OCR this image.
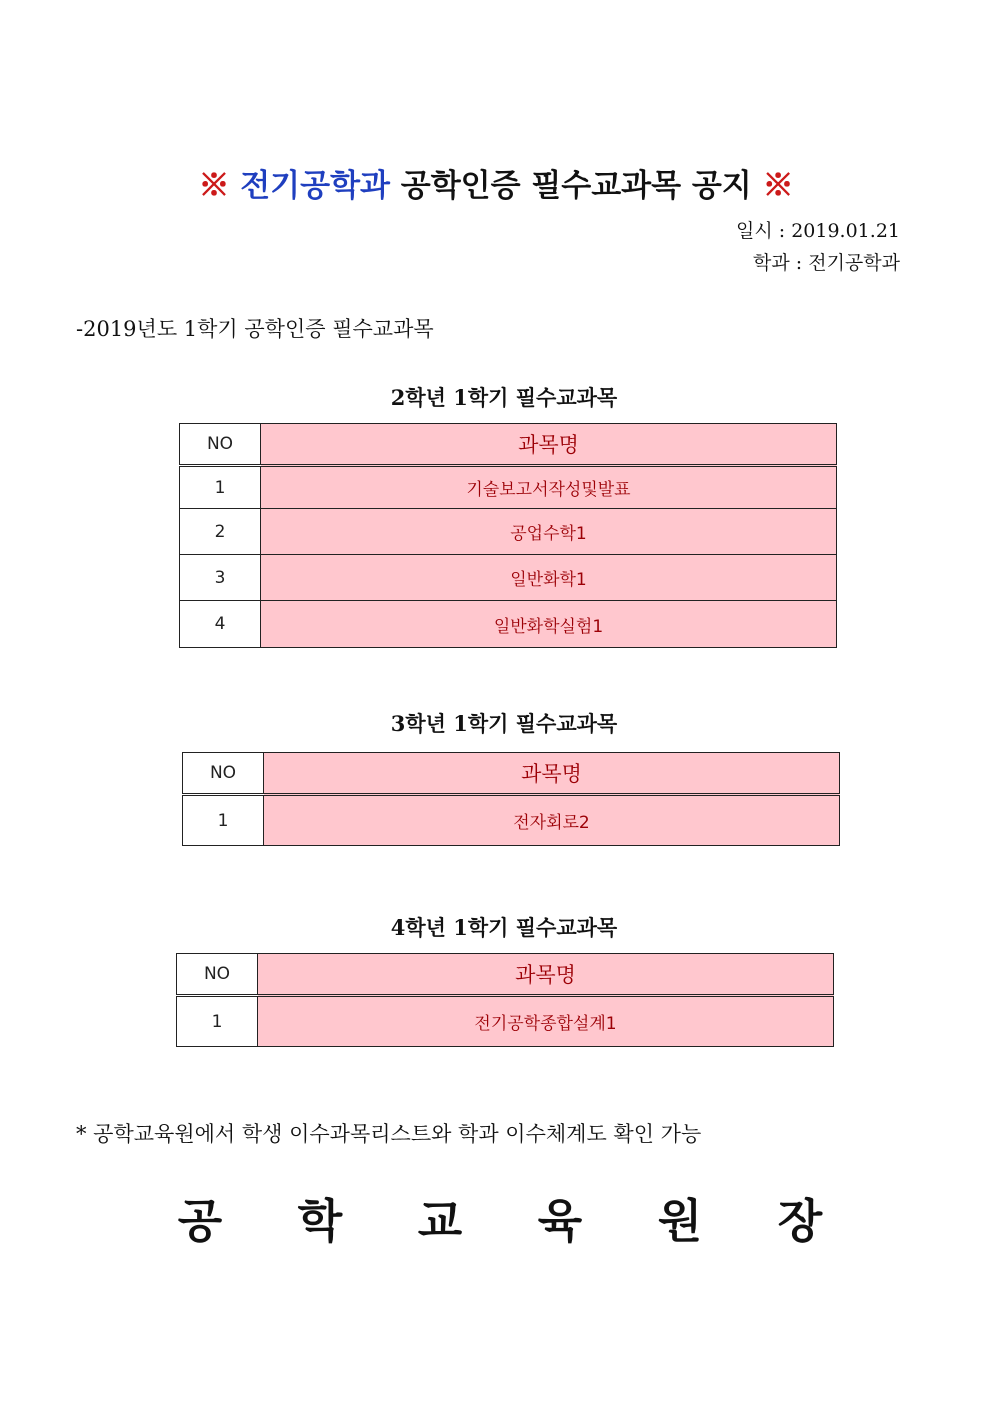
※ 전기공학과 공학인증 필수교과목 공지 ※
일시 : 2019.01.21
학과 : 전기공학과
-2019년도 1학기 공학인증 필수교과목
2학년 1학기 필수교과목
NO	과목명
1	기술보고서작성및발표
2	공업수학1
3	일반화학1
4	일반화학실험1
3학년 1학기 필수교과목
NO	과목명
1	전자회로2
4학년 1학기 필수교과목
NO	과목명
1	전기공학종합설계1
* 공학교육원에서 학생 이수과목리스트와 학과 이수체계도 확인 가능
공	학	교	육	원	장
